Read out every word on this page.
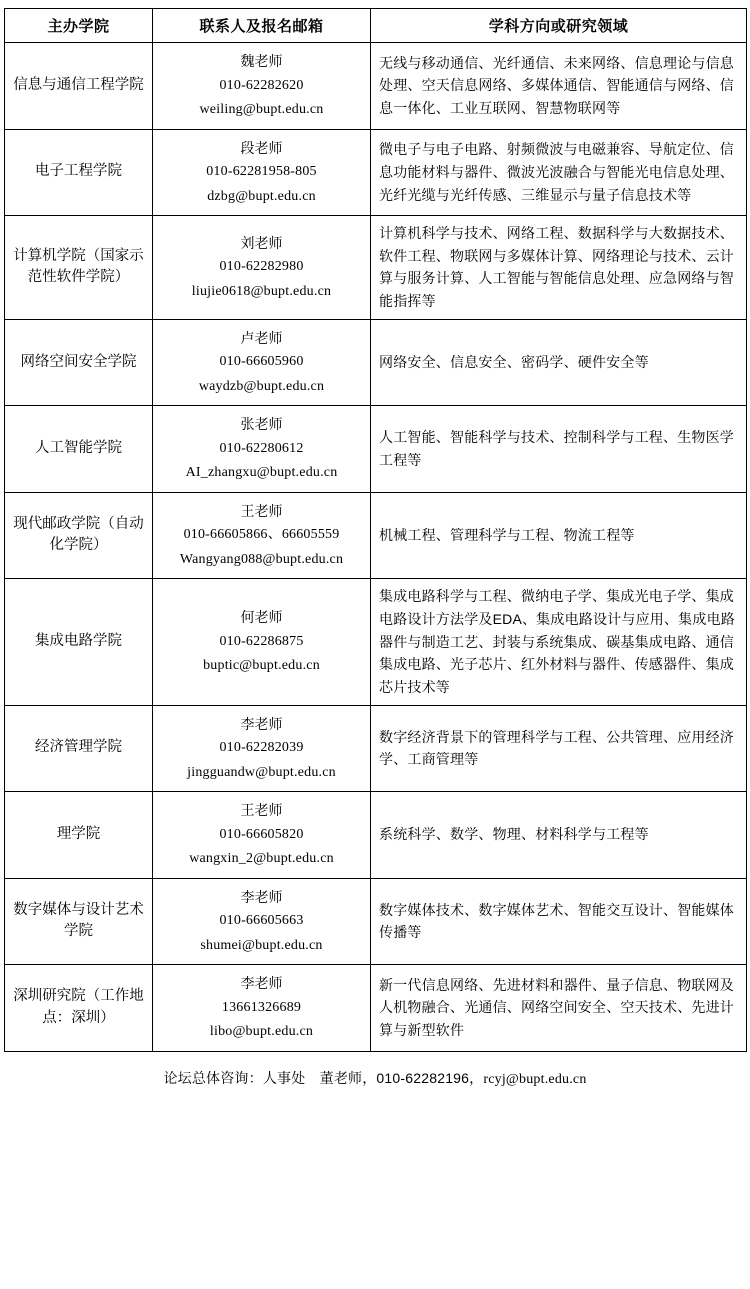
主办学院	联系人及报名邮箱	学科方向或研究领域
信息与通信工程学院	魏老师
010-62282620
weiling@bupt.edu.cn	无线与移动通信、光纤通信、未来网络、信息理论与信息处理、空天信息网络、多媒体通信、智能通信与网络、信息一体化、工业互联网、智慧物联网等
电子工程学院	段老师
010-62281958-805
dzbg@bupt.edu.cn	微电子与电子电路、射频微波与电磁兼容、导航定位、信息功能材料与器件、微波光波融合与智能光电信息处理、光纤光缆与光纤传感、三维显示与量子信息技术等
计算机学院（国家示范性软件学院）	刘老师
010-62282980
liujie0618@bupt.edu.cn	计算机科学与技术、网络工程、数据科学与大数据技术、软件工程、物联网与多媒体计算、网络理论与技术、云计算与服务计算、人工智能与智能信息处理、应急网络与智能指挥等
网络空间安全学院	卢老师
010-66605960
waydzb@bupt.edu.cn	网络安全、信息安全、密码学、硬件安全等
人工智能学院	张老师
010-62280612
AI_zhangxu@bupt.edu.cn	人工智能、智能科学与技术、控制科学与工程、生物医学工程等
现代邮政学院（自动化学院）	王老师
010-66605866、66605559
Wangyang088@bupt.edu.cn	机械工程、管理科学与工程、物流工程等
集成电路学院	何老师
010-62286875
buptic@bupt.edu.cn	集成电路科学与工程、微纳电子学、集成光电子学、集成电路设计方法学及EDA、集成电路设计与应用、集成电路器件与制造工艺、封装与系统集成、碳基集成电路、通信集成电路、光子芯片、红外材料与器件、传感器件、集成芯片技术等
经济管理学院	李老师
010-62282039
jingguandw@bupt.edu.cn	数字经济背景下的管理科学与工程、公共管理、应用经济学、工商管理等
理学院	王老师
010-66605820
wangxin_2@bupt.edu.cn	系统科学、数学、物理、材料科学与工程等
数字媒体与设计艺术学院	李老师
010-66605663
shumei@bupt.edu.cn	数字媒体技术、数字媒体艺术、智能交互设计、智能媒体传播等
深圳研究院（工作地点：深圳）	李老师
13661326689
libo@bupt.edu.cn	新一代信息网络、先进材料和器件、量子信息、物联网及人机物融合、光通信、网络空间安全、空天技术、先进计算与新型软件
论坛总体咨询：人事处　董老师，010-62282196，rcyj@bupt.edu.cn
